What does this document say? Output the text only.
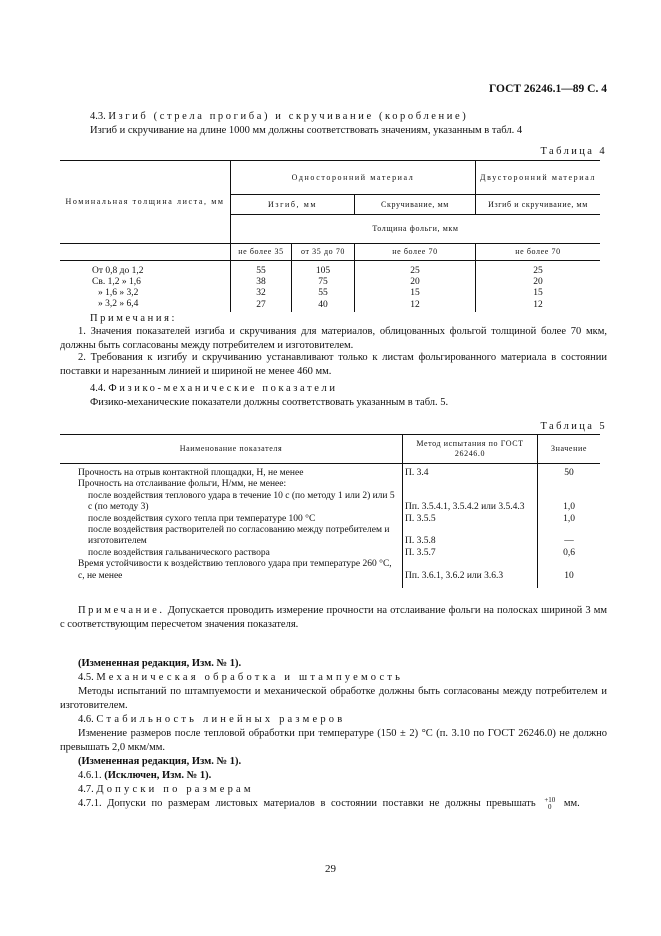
ГОСТ 26246.1—89 С. 4
4.3. Изгиб (стрела прогиба) и скручивание (коробление)
Изгиб и скручивание на длине 1000 мм должны соответствовать значениям, указанным в табл. 4
Таблица 4
Номинальная толщина листа, мм	Односторонний материал			Двусторонний материал
	Изгиб, мм		Скручивание, мм	Изгиб и скручивание, мм
	Толщина фольги, мкм			
	не более 35	от 35 до 70	не более 70	не более 70
От 0,8 до 1,2	55	105	25	25
Св. 1,2 » 1,6	38	75	20	20
» 1,6 » 3,2	32	55	15	15
» 3,2 » 6,4	27	40	12	12
Примечания:
1. Значения показателей изгиба и скручивания для материалов, облицованных фольгой толщиной более 70 мкм, должны быть согласованы между потребителем и изготовителем.
2. Требования к изгибу и скручиванию устанавливают только к листам фольгированного материала в состоянии поставки и нарезанным линией и шириной не менее 460 мм.
4.4. Физико-механические показатели
Физико-механические показатели должны соответствовать указанным в табл. 5.
Таблица 5
Наименование показателя	Метод испытания по ГОСТ 26246.0	Значение
Прочность на отрыв контактной площадки, Н, не менее	П. 3.4	50
Прочность на отслаивание фольги, Н/мм, не менее:		
после воздействия теплового удара в течение 10 с (по методу 1 или 2) или 5 с (по методу 3)	Пп. 3.5.4.1, 3.5.4.2 или 3.5.4.3	1,0
после воздействия сухого тепла при температуре 100 °С	П. 3.5.5	1,0
после воздействия растворителей по согласованию между потребителем и изготовителем	П. 3.5.8	—
после воздействия гальванического раствора	П. 3.5.7	0,6
Время устойчивости к воздействию теплового удара при температуре 260 °С, с, не менее	Пп. 3.6.1, 3.6.2 или 3.6.3	10
Примечание. Допускается проводить измерение прочности на отслаивание фольги на полосках шириной 3 мм с соответствующим пересчетом значения показателя.
(Измененная редакция, Изм. № 1).
4.5. Механическая обработка и штампуемость
Методы испытаний по штампуемости и механической обработке должны быть согласованы между потребителем и изготовителем.
4.6. Стабильность линейных размеров
Изменение размеров после тепловой обработки при температуре (150 ± 2) °С (п. 3.10 по ГОСТ 26246.0) не должно превышать 2,0 мкм/мм.
(Измененная редакция, Изм. № 1).
4.6.1. (Исключен, Изм. № 1).
4.7. Допуски по размерам
4.7.1. Допуски по размерам листовых материалов в состоянии поставки не должны превышать +10
0	мм.
29
